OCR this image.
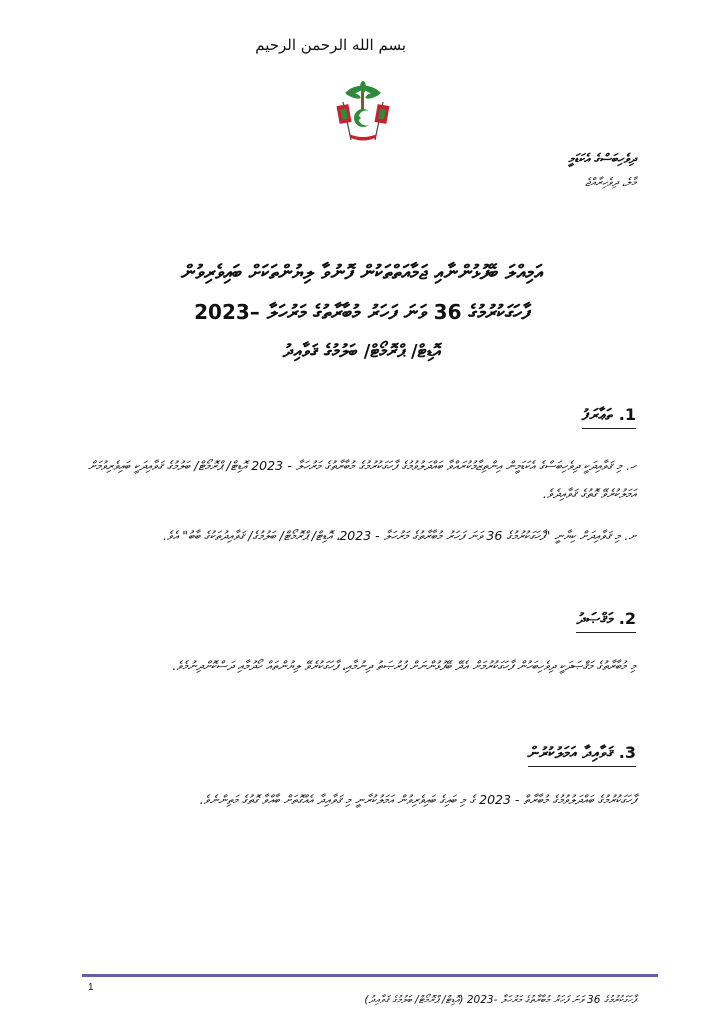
بسم الله الرحمن الرحيم
ދިވެހިބަސްގެ އެކަޑަމީ
މާލެ، ދިވެހިރާއްޖެ
އަމިއްލަ ބޭފުޅުންނާއި ޖަމާއަތްތަކުން ފޮނުވާ ލިޔުންތަކަށް ބައިވެރިވުން
ފާހަގަކުރުމުގެ 36 ވަނަ ފަހަރު މުބާރާތުގެ މަރުހަލާ –2023
އޮޑިޓް/ ޕްރޮމޯޓް/ ބަލުމުގެ ޤަވާއިދު
1. ތަޢާރަފު
ހ. މި ޤަވާއިދަކީ ދިވެހިބަސްގެ އެކަޑަމީން އިންތިޒާމުކުރައްވާ ބައްދަލުވުމުގެ ފާހަގަކުރުމުގެ މުބާރާތުގެ މަރުހަލާ - 2023 އޮޑިޓް/ ޕްރޮމޯޓް/ ބަލުމުގެ ޤަވާއިދަކީ ބައިވެރިވުމަށް އަމަލުކުރެވޭ ގޮތުގެ ޤަވާއިދެވެ.
ށ. މި ޤަވާއިދަށް ކިޔާނީ "ފާހަގަކުރުމުގެ 36 ވަނަ ފަހަރު މުބާރާތުގެ މަރުހަލާ - 2023، އޮޑިޓް/ ޕްރޮމޯޓް/ ބަލުމުގެ/ ޤަވާއިދުތަކުގެ ބާބު" އެވެ.
2. މަޤްޞަދު
މި މުބާރާތުގެ މަޤްޞަދަކީ ދިވެހިބަހުން ފާހަގަކުރުމަށް އެދޭ ބޭފުޅުންނަށް ފުރުޞަތު ދިނުމާއި، ފާހަގަކުރެވޭ ލިޔުންތައް ހޯދުމާއި ދަސްކޮށްދިނުމެވެ.
3. ޤަވާއިދާ އަމަލުކުރުން
ފާހަގަކުރުމުގެ ބައްދަލުވުމުގެ މުބާރާތް - 2023 ގެ މި ބައިގެ ބައިވެރިވުން އަމަލުކުރާނީ މި ޤަވާއިދާ އެއްގޮތަށް ބާއްވާ ގޮތުގެ މަތިންނެވެ.
1
ފާހަގަކުރުމުގެ 36 ވަނަ ފަހަރު މުބާރާތުގެ މަރުހަލާ -2023 (އޮޑިޓް/ ޕްރޮމޯޓް/ ބަލުމުގެ ޤަވާއިދު)
